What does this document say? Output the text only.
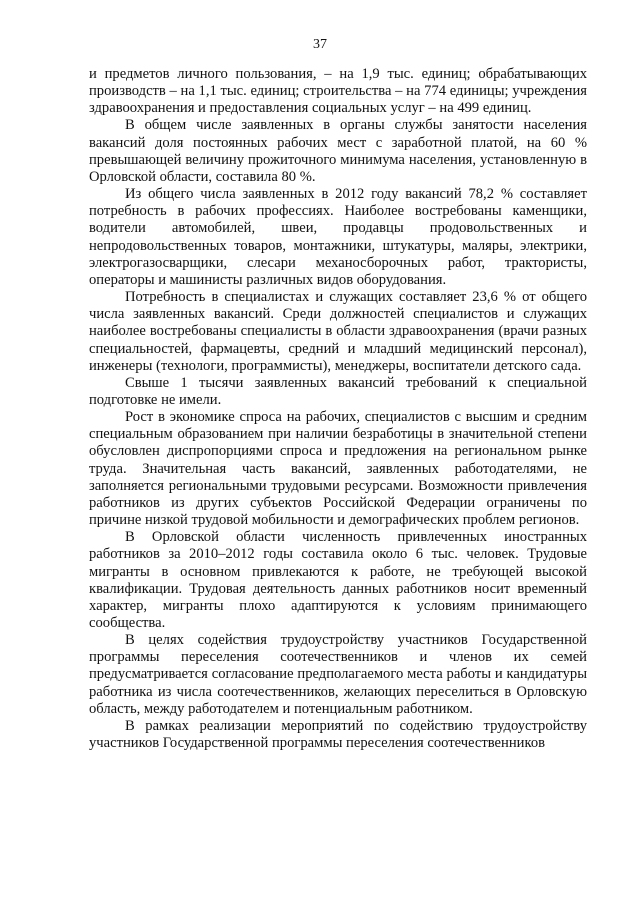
37

и предметов личного пользования, – на 1,9 тыс. единиц; обрабатывающих производств – на 1,1 тыс. единиц; строительства – на 774 единицы; учреждения здравоохранения и предоставления социальных услуг – на 499 единиц.

В общем числе заявленных в органы службы занятости населения вакансий доля постоянных рабочих мест с заработной платой, на 60 % превышающей величину прожиточного минимума населения, установленную в Орловской области, составила 80 %.

Из общего числа заявленных в 2012 году вакансий 78,2 % составляет потребность в рабочих профессиях. Наиболее востребованы каменщики, водители автомобилей, швеи, продавцы продовольственных и непродовольственных товаров, монтажники, штукатуры, маляры, электрики, электрогазосварщики, слесари механосборочных работ, трактористы, операторы и машинисты различных видов оборудования.

Потребность в специалистах и служащих составляет 23,6 % от общего числа заявленных вакансий. Среди должностей специалистов и служащих наиболее востребованы специалисты в области здравоохранения (врачи разных специальностей, фармацевты, средний и младший медицинский персонал), инженеры (технологи, программисты), менеджеры, воспитатели детского сада.

Свыше 1 тысячи заявленных вакансий требований к специальной подготовке не имели.

Рост в экономике спроса на рабочих, специалистов с высшим и средним специальным образованием при наличии безработицы в значительной степени обусловлен диспропорциями спроса и предложения на региональном рынке труда. Значительная часть вакансий, заявленных работодателями, не заполняется региональными трудовыми ресурсами. Возможности привлечения работников из других субъектов Российской Федерации ограничены по причине низкой трудовой мобильности и демографических проблем регионов.

В Орловской области численность привлеченных иностранных работников за 2010–2012 годы составила около 6 тыс. человек. Трудовые мигранты в основном привлекаются к работе, не требующей высокой квалификации. Трудовая деятельность данных работников носит временный характер, мигранты плохо адаптируются к условиям принимающего сообщества.

В целях содействия трудоустройству участников Государственной программы переселения соотечественников и членов их семей предусматривается согласование предполагаемого места работы и кандидатуры работника из числа соотечественников, желающих переселиться в Орловскую область, между работодателем и потенциальным работником.

В рамках реализации мероприятий по содействию трудоустройству участников Государственной программы переселения соотечественников
